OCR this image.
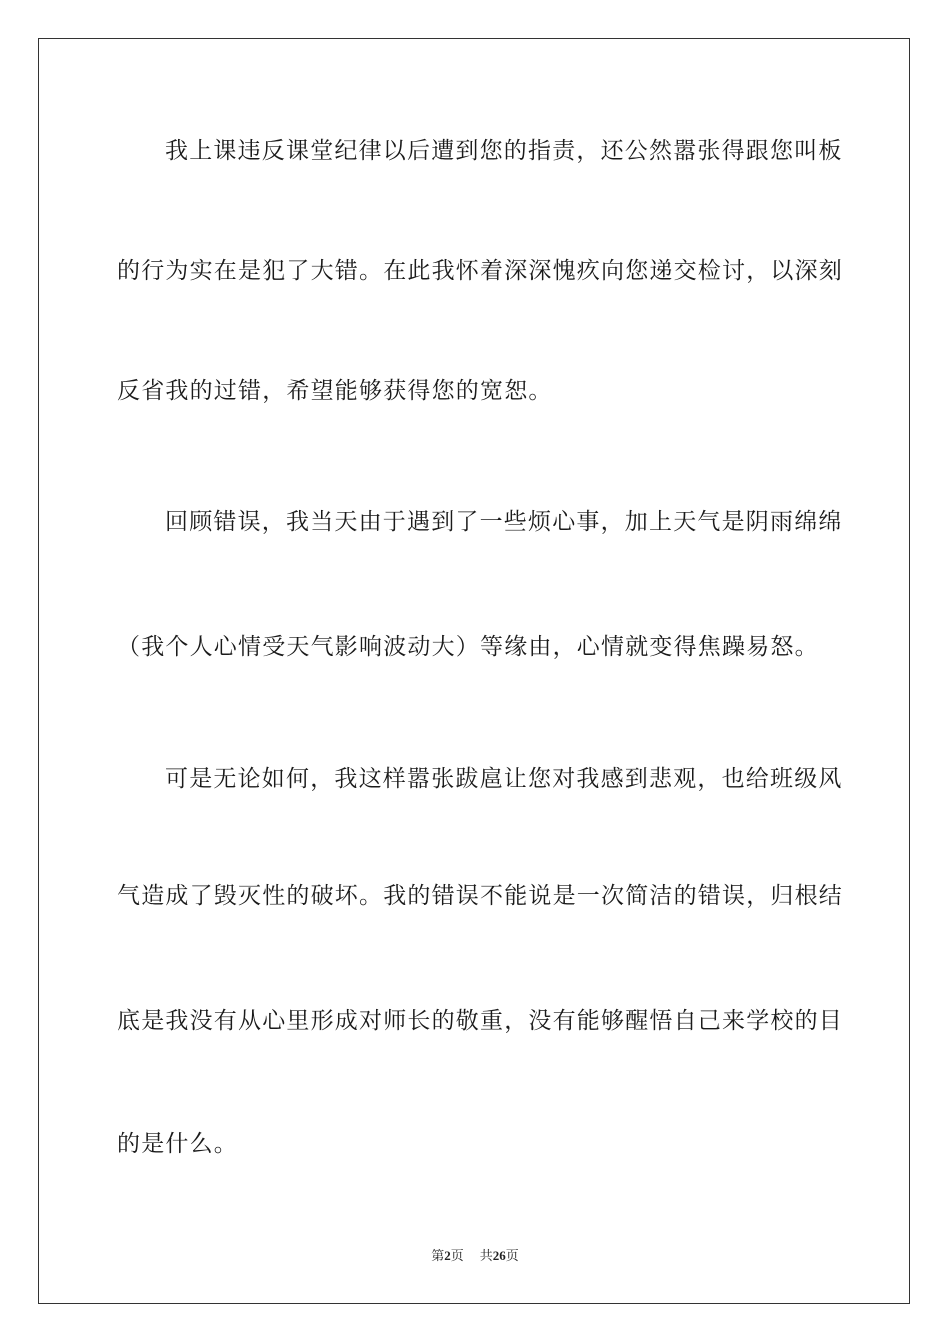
我上课违反课堂纪律以后遭到您的指责，还公然嚣张得跟您叫板
的行为实在是犯了大错。在此我怀着深深愧疚向您递交检讨，以深刻
反省我的过错，希望能够获得您的宽恕。
回顾错误，我当天由于遇到了一些烦心事，加上天气是阴雨绵绵
（我个人心情受天气影响波动大）等缘由，心情就变得焦躁易怒。
可是无论如何，我这样嚣张跋扈让您对我感到悲观，也给班级风
气造成了毁灭性的破坏。我的错误不能说是一次简洁的错误，归根结
底是我没有从心里形成对师长的敬重，没有能够醒悟自己来学校的目
的是什么。
第2页 共26页
